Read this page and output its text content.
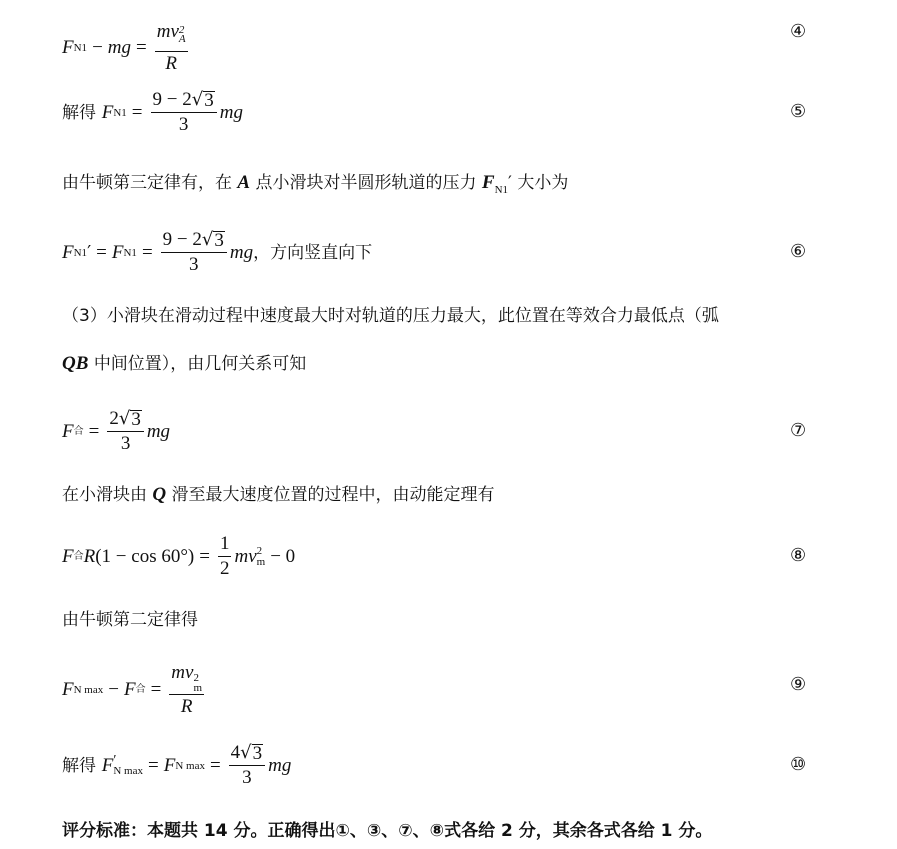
F N1 − mg = mv $_{2 A}$
R	④
解得
F $N1 = \frac{9 - 2 √ 3}{3}$ mg	⑤
由牛顿第三定律有，在 A 点小滑块对半圆形轨道的压力 $F_{N1}'$ 大小为
F N1 ′ = F $N1 = \frac{9 - 2 √ 3}{3}$ mg ，方向竖直向下	⑥
（3）小滑块在滑动过程中速度最大时对轨道的压力最大，此位置在等效合力最低点（弧
QB 中间位置），由几何关系可知
F 合 = $\frac{2 √ 3}{3}$ mg	⑦
在小滑块由 Q 滑至最大速度位置的过程中，由动能定理有
F 合 R $(1 - \cos 60^\circ) = \frac{1}{2}$ mv 2
m − 0	⑧
由牛顿第二定律得
F N max − F 合 = mv 2
m
R	⑨
解得
F ′
N max = F N $\max = \frac{4 √ 3}{3}$ mg	⑩
评分标准：本题共 14 分。正确得出①、③、⑦、⑧式各给 2 分，其余各式各给 1 分。
